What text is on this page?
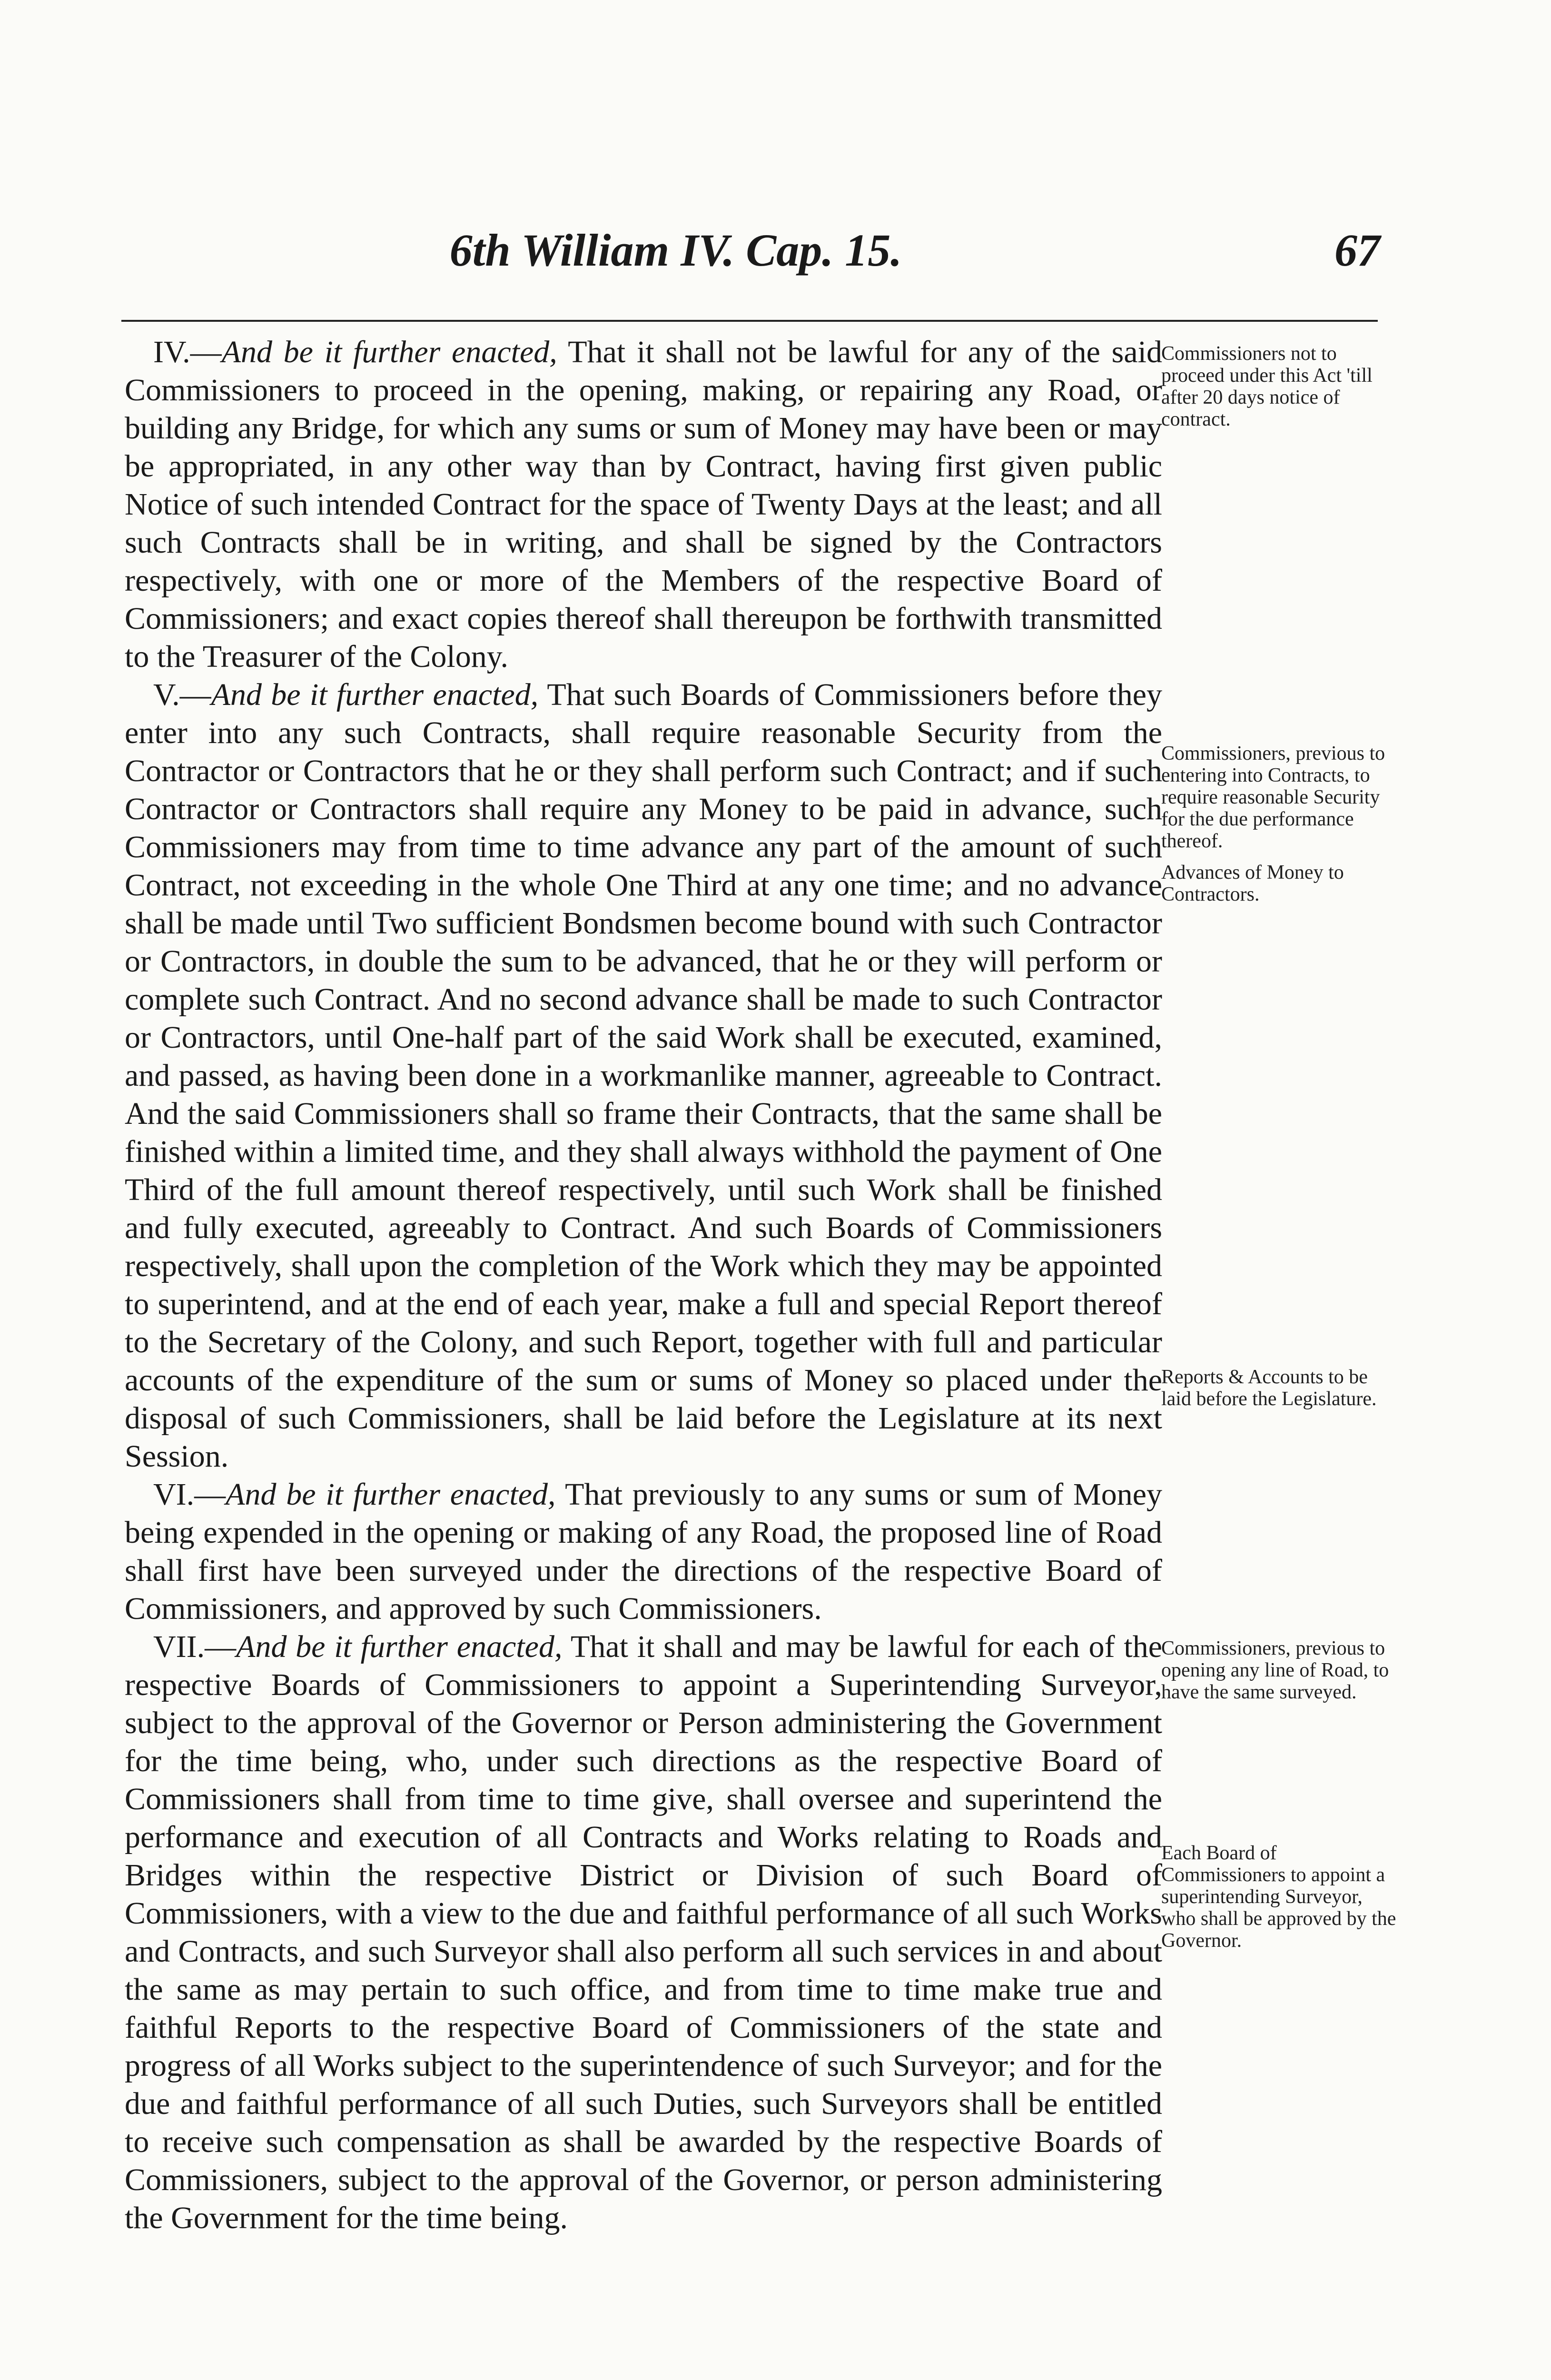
6th William IV. Cap. 15.	67

IV.—And be it further enacted, That it shall not be lawful for any of the said Commissioners to proceed in the opening, making, or repairing any Road, or building any Bridge, for which any sums or sum of Money may have been or may be appropriated, in any other way than by Contract, having first given public Notice of such intended Contract for the space of Twenty Days at the least; and all such Contracts shall be in writing, and shall be signed by the Contractors respectively, with one or more of the Members of the respective Board of Commissioners; and exact copies thereof shall thereupon be forthwith transmitted to the Treasurer of the Colony.

V.—And be it further enacted, That such Boards of Commissioners before they enter into any such Contracts, shall require reasonable Security from the Contractor or Contractors that he or they shall perform such Contract; and if such Contractor or Contractors shall require any Money to be paid in advance, such Commissioners may from time to time advance any part of the amount of such Contract, not exceeding in the whole One Third at any one time; and no advance shall be made until Two sufficient Bondsmen become bound with such Contractor or Contractors, in double the sum to be advanced, that he or they will perform or complete such Contract. And no second advance shall be made to such Contractor or Contractors, until One-half part of the said Work shall be executed, examined, and passed, as having been done in a workmanlike manner, agreeable to Contract. And the said Commissioners shall so frame their Contracts, that the same shall be finished within a limited time, and they shall always withhold the payment of One Third of the full amount thereof respectively, until such Work shall be finished and fully executed, agreeably to Contract. And such Boards of Commissioners respectively, shall upon the completion of the Work which they may be appointed to superintend, and at the end of each year, make a full and special Report thereof to the Secretary of the Colony, and such Report, together with full and particular accounts of the expenditure of the sum or sums of Money so placed under the disposal of such Commissioners, shall be laid before the Legislature at its next Session.

VI.—And be it further enacted, That previously to any sums or sum of Money being expended in the opening or making of any Road, the proposed line of Road shall first have been surveyed under the directions of the respective Board of Commissioners, and approved by such Commissioners.

VII.—And be it further enacted, That it shall and may be lawful for each of the respective Boards of Commissioners to appoint a Superintending Surveyor, subject to the approval of the Governor or Person administering the Government for the time being, who, under such directions as the respective Board of Commissioners shall from time to time give, shall oversee and superintend the performance and execution of all Contracts and Works relating to Roads and Bridges within the respective District or Division of such Board of Commissioners, with a view to the due and faithful performance of all such Works and Contracts, and such Surveyor shall also perform all such services in and about the same as may pertain to such office, and from time to time make true and faithful Reports to the respective Board of Commissioners of the state and progress of all Works subject to the superintendence of such Surveyor; and for the due and faithful performance of all such Duties, such Surveyors shall be entitled to receive such compensation as shall be awarded by the respective Boards of Commissioners, subject to the approval of the Governor, or person administering the Government for the time being.

Commissioners not to proceed under this Act 'till after 20 days notice of contract.
Commissioners, previous to entering into Contracts, to require reasonable Security for the due performance thereof.
Advances of Money to Contractors.
Reports & Accounts to be laid before the Legislature.
Commissioners, previous to opening any line of Road, to have the same surveyed.
Each Board of Commissioners to appoint a superintending Surveyor, who shall be approved by the Governor.
